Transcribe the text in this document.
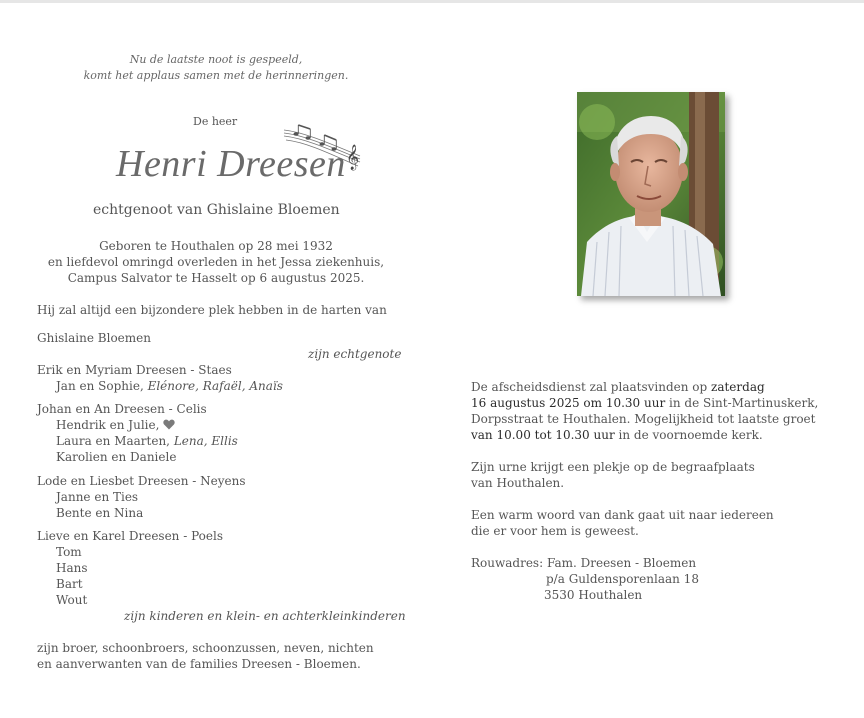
Nu de laatste noot is gespeeld,
komt het applaus samen met de herinneringen.
De heer
𝄞
Henri Dreesen
echtgenoot van Ghislaine Bloemen
Geboren te Houthalen op 28 mei 1932
en liefdevol omringd overleden in het Jessa ziekenhuis,
Campus Salvator te Hasselt op 6 augustus 2025.
Hij zal altijd een bijzondere plek hebben in de harten van
Ghislaine Bloemen
zijn echtgenote
Erik en Myriam Dreesen - Staes
Jan en Sophie, Elénore, Rafaël, Anaïs
Johan en An Dreesen - Celis
Hendrik en Julie,
Laura en Maarten, Lena, Ellis
Karolien en Daniele
Lode en Liesbet Dreesen - Neyens
Janne en Ties
Bente en Nina
Lieve en Karel Dreesen - Poels
Tom
Hans
Bart
Wout
zijn kinderen en klein- en achterkleinkinderen
zijn broer, schoonbroers, schoonzussen, neven, nichten
en aanverwanten van de families Dreesen - Bloemen.
De afscheidsdienst zal plaatsvinden op zaterdag
16 augustus 2025 om 10.30 uur in de Sint-Martinuskerk,
Dorpsstraat te Houthalen. Mogelijkheid tot laatste groet
van 10.00 tot 10.30 uur in de voornoemde kerk.
Zijn urne krijgt een plekje op de begraafplaats
van Houthalen.
Een warm woord van dank gaat uit naar iedereen
die er voor hem is geweest.
Rouwadres: Fam. Dreesen - Bloemen
p/a Guldensporenlaan 18
3530 Houthalen
